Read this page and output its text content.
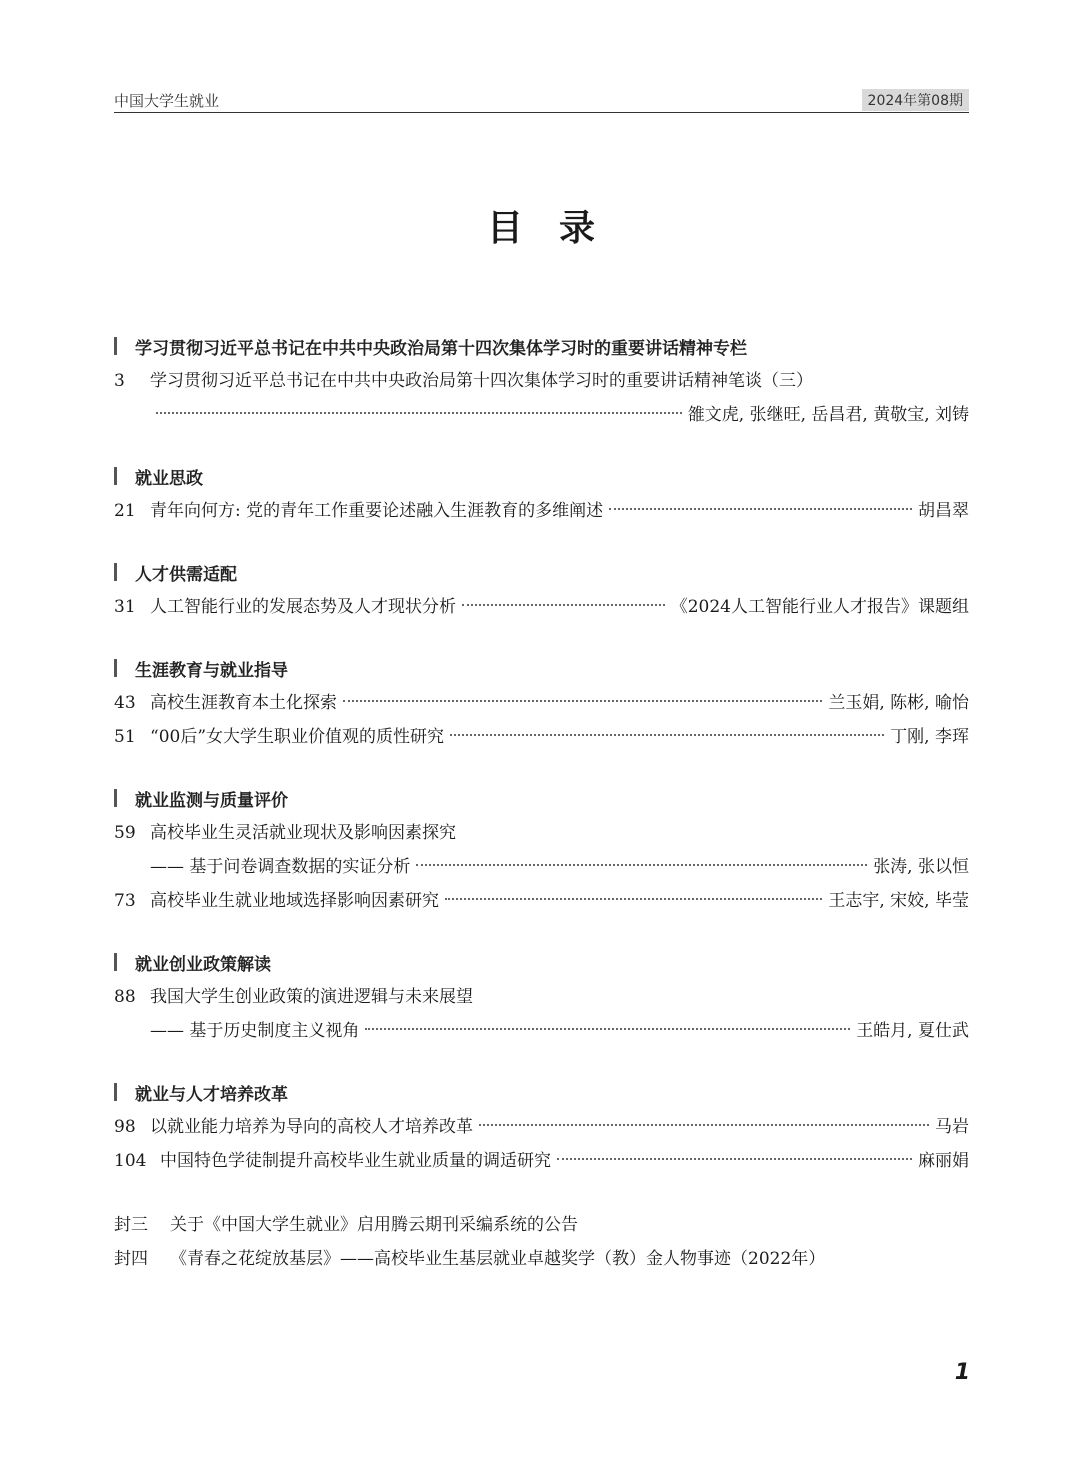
中国大学生就业	2024年第08期
目录
学习贯彻习近平总书记在中共中央政治局第十四次集体学习时的重要讲话精神专栏
3	学习贯彻习近平总书记在中共中央政治局第十四次集体学习时的重要讲话精神笔谈（三）
雒文虎, 张继旺, 岳昌君, 黄敬宝, 刘铸
就业思政
21 青年向何方: 党的青年工作重要论述融入生涯教育的多维阐述	胡昌翠
人才供需适配
31 人工智能行业的发展态势及人才现状分析	《2024人工智能行业人才报告》课题组
生涯教育与就业指导
43 高校生涯教育本土化探索	兰玉娟, 陈彬, 喻怡
51 “00后”女大学生职业价值观的质性研究	丁刚, 李珲
就业监测与质量评价
59 高校毕业生灵活就业现状及影响因素探究
—— 基于问卷调查数据的实证分析	张涛, 张以恒
73 高校毕业生就业地域选择影响因素研究	王志宇, 宋姣, 毕莹
就业创业政策解读
88 我国大学生创业政策的演进逻辑与未来展望
—— 基于历史制度主义视角	王皓月, 夏仕武
就业与人才培养改革
98 以就业能力培养为导向的高校人才培养改革	马岩
104 中国特色学徒制提升高校毕业生就业质量的调适研究	麻丽娟
封三	关于《中国大学生就业》启用腾云期刊采编系统的公告
封四	《青春之花绽放基层》——高校毕业生基层就业卓越奖学（教）金人物事迹（2022年）
1
